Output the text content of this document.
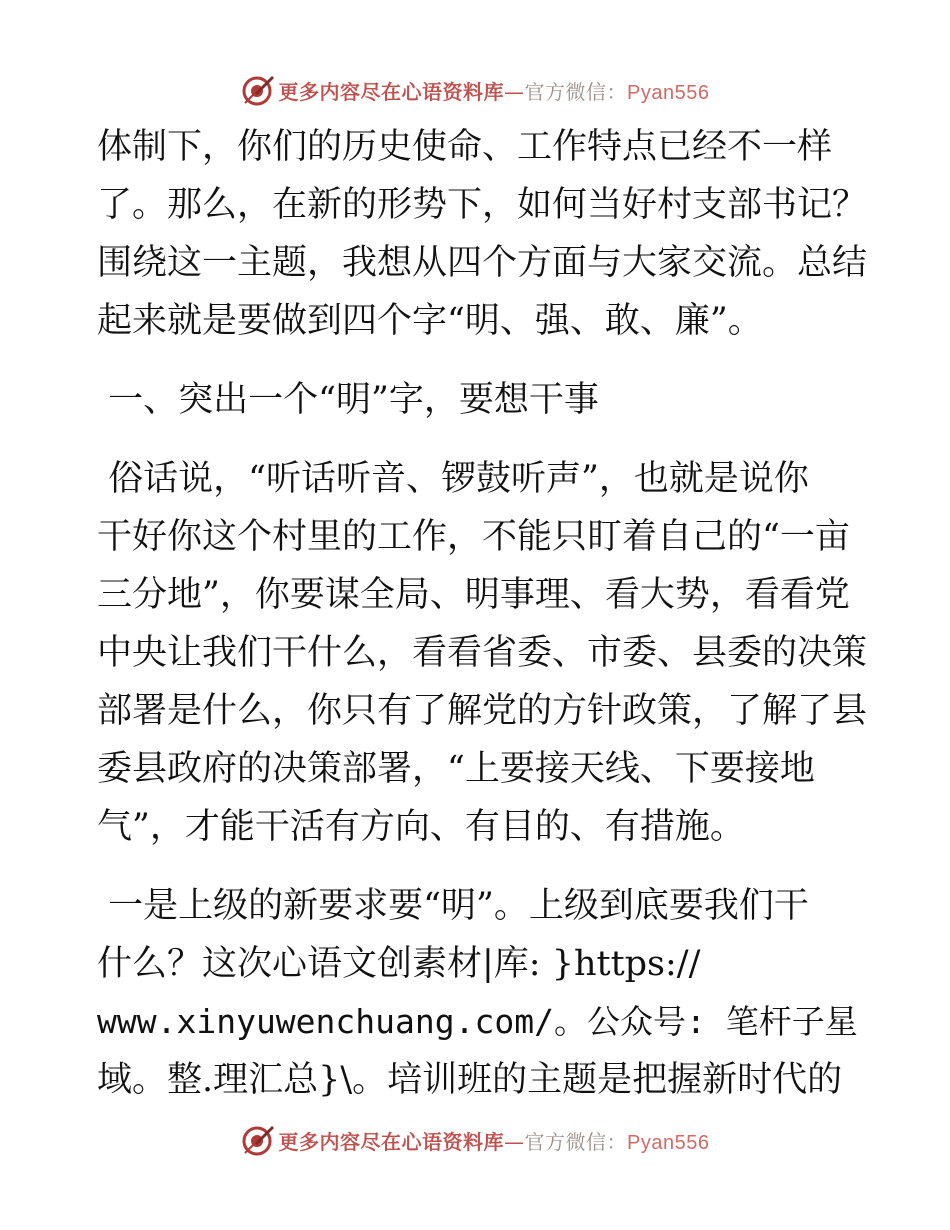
更多内容尽在心语资料库—官方微信：Pyan556
体制下，你们的历史使命、工作特点已经不一样
了。那么，在新的形势下，如何当好村支部书记？
围绕这一主题，我想从四个方面与大家交流。总结
起来就是要做到四个字“明、强、敢、廉”。
一、突出一个“明”字，要想干事
俗话说，“听话听音、锣鼓听声”，也就是说你
干好你这个村里的工作，不能只盯着自己的“一亩
三分地”，你要谋全局、明事理、看大势，看看党
中央让我们干什么，看看省委、市委、县委的决策
部署是什么，你只有了解党的方针政策，了解了县
委县政府的决策部署，“上要接天线、下要接地
气”，才能干活有方向、有目的、有措施。
一是上级的新要求要“明”。上级到底要我们干
什么？这次心语文创素材|库: }https://
www.xinyuwenchuang.com/。公众号: 笔杆子星
域。整.理汇总}\。培训班的主题是把握新时代的
更多内容尽在心语资料库—官方微信：Pyan556
